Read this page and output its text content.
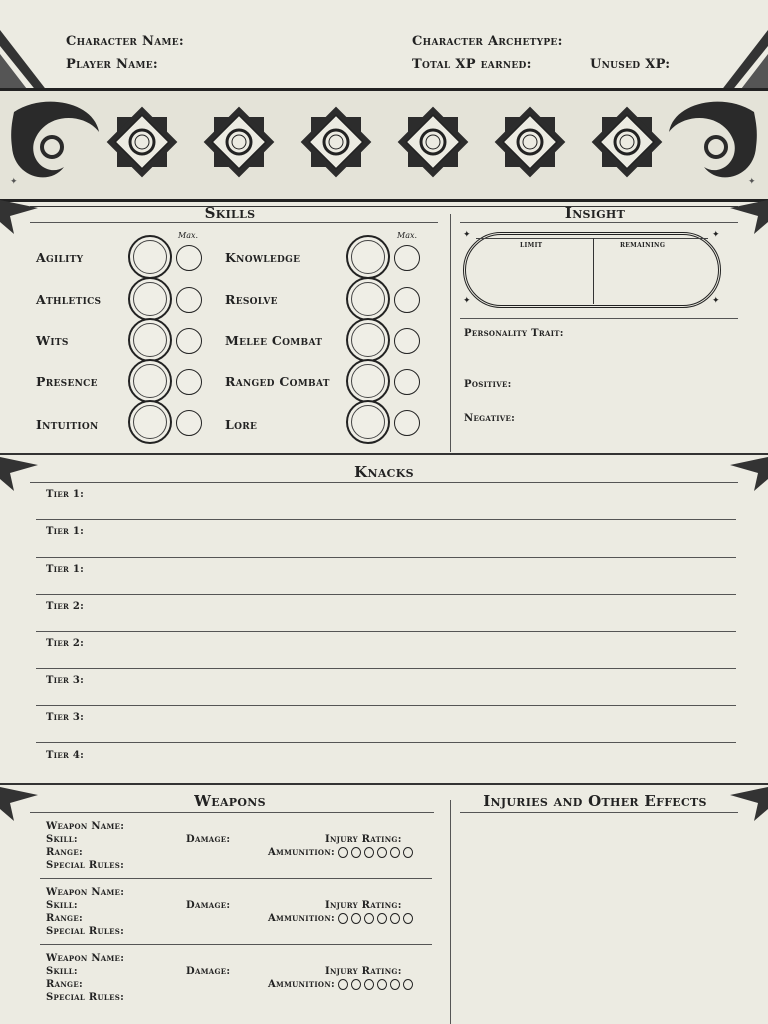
Character Name:
Player Name:
Character Archetype:
Total XP earned:	Unused XP:
✦	✦
Skills	Insight
Max.	Max.
Agility
Athletics
Wits
Presence
Intuition
Knowledge
Resolve
Melee Combat
Ranged Combat
Lore
limit	remaining
✦	✦
✦	✦
Personality Trait:
Positive:
Negative:
Knacks
Tier 1:
Tier 1:
Tier 1:
Tier 2:
Tier 2:
Tier 3:
Tier 3:
Tier 4:
Weapons	Injuries and Other Effects
Weapon Name:
Skill:	Damage:	Injury Rating:
Range:	Ammunition:
Special Rules:
Weapon Name:
Skill:	Damage:	Injury Rating:
Range:	Ammunition:
Special Rules:
Weapon Name:
Skill:	Damage:	Injury Rating:
Range:	Ammunition:
Special Rules:
